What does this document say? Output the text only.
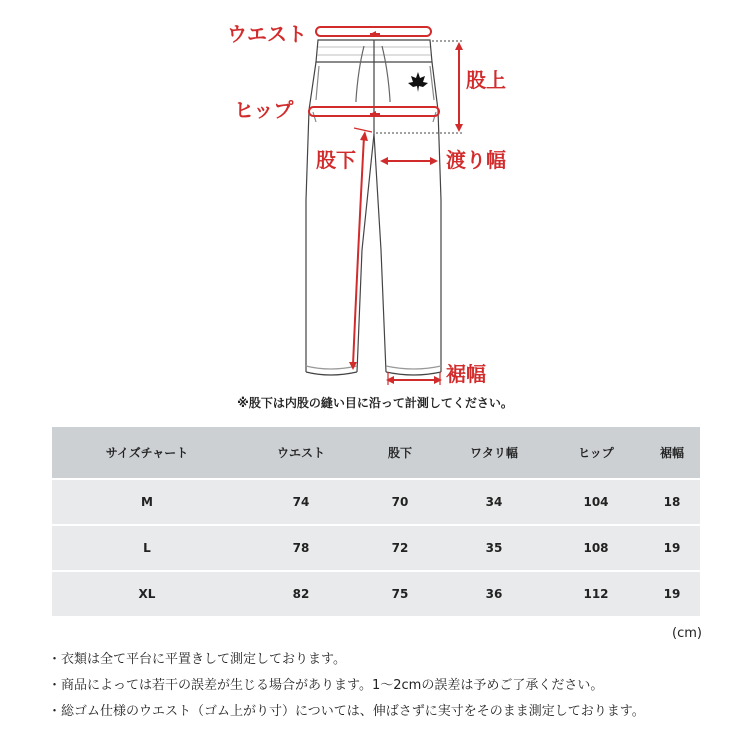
ウエスト
ヒップ
股上
股下	渡り幅
裾幅
※股下は内股の縫い目に沿って計測してください。
サイズチャート	ウエスト	股下	ワタリ幅	ヒップ	裾幅
M	74	70	34	104	18
L	78	72	35	108	19
XL	82	75	36	112	19
(cm)
・衣類は全て平台に平置きして測定しております。
・商品によっては若干の誤差が生じる場合があります。1～2cmの誤差は予めご了承ください。
・総ゴム仕様のウエスト（ゴム上がり寸）については、伸ばさずに実寸をそのまま測定しております。
